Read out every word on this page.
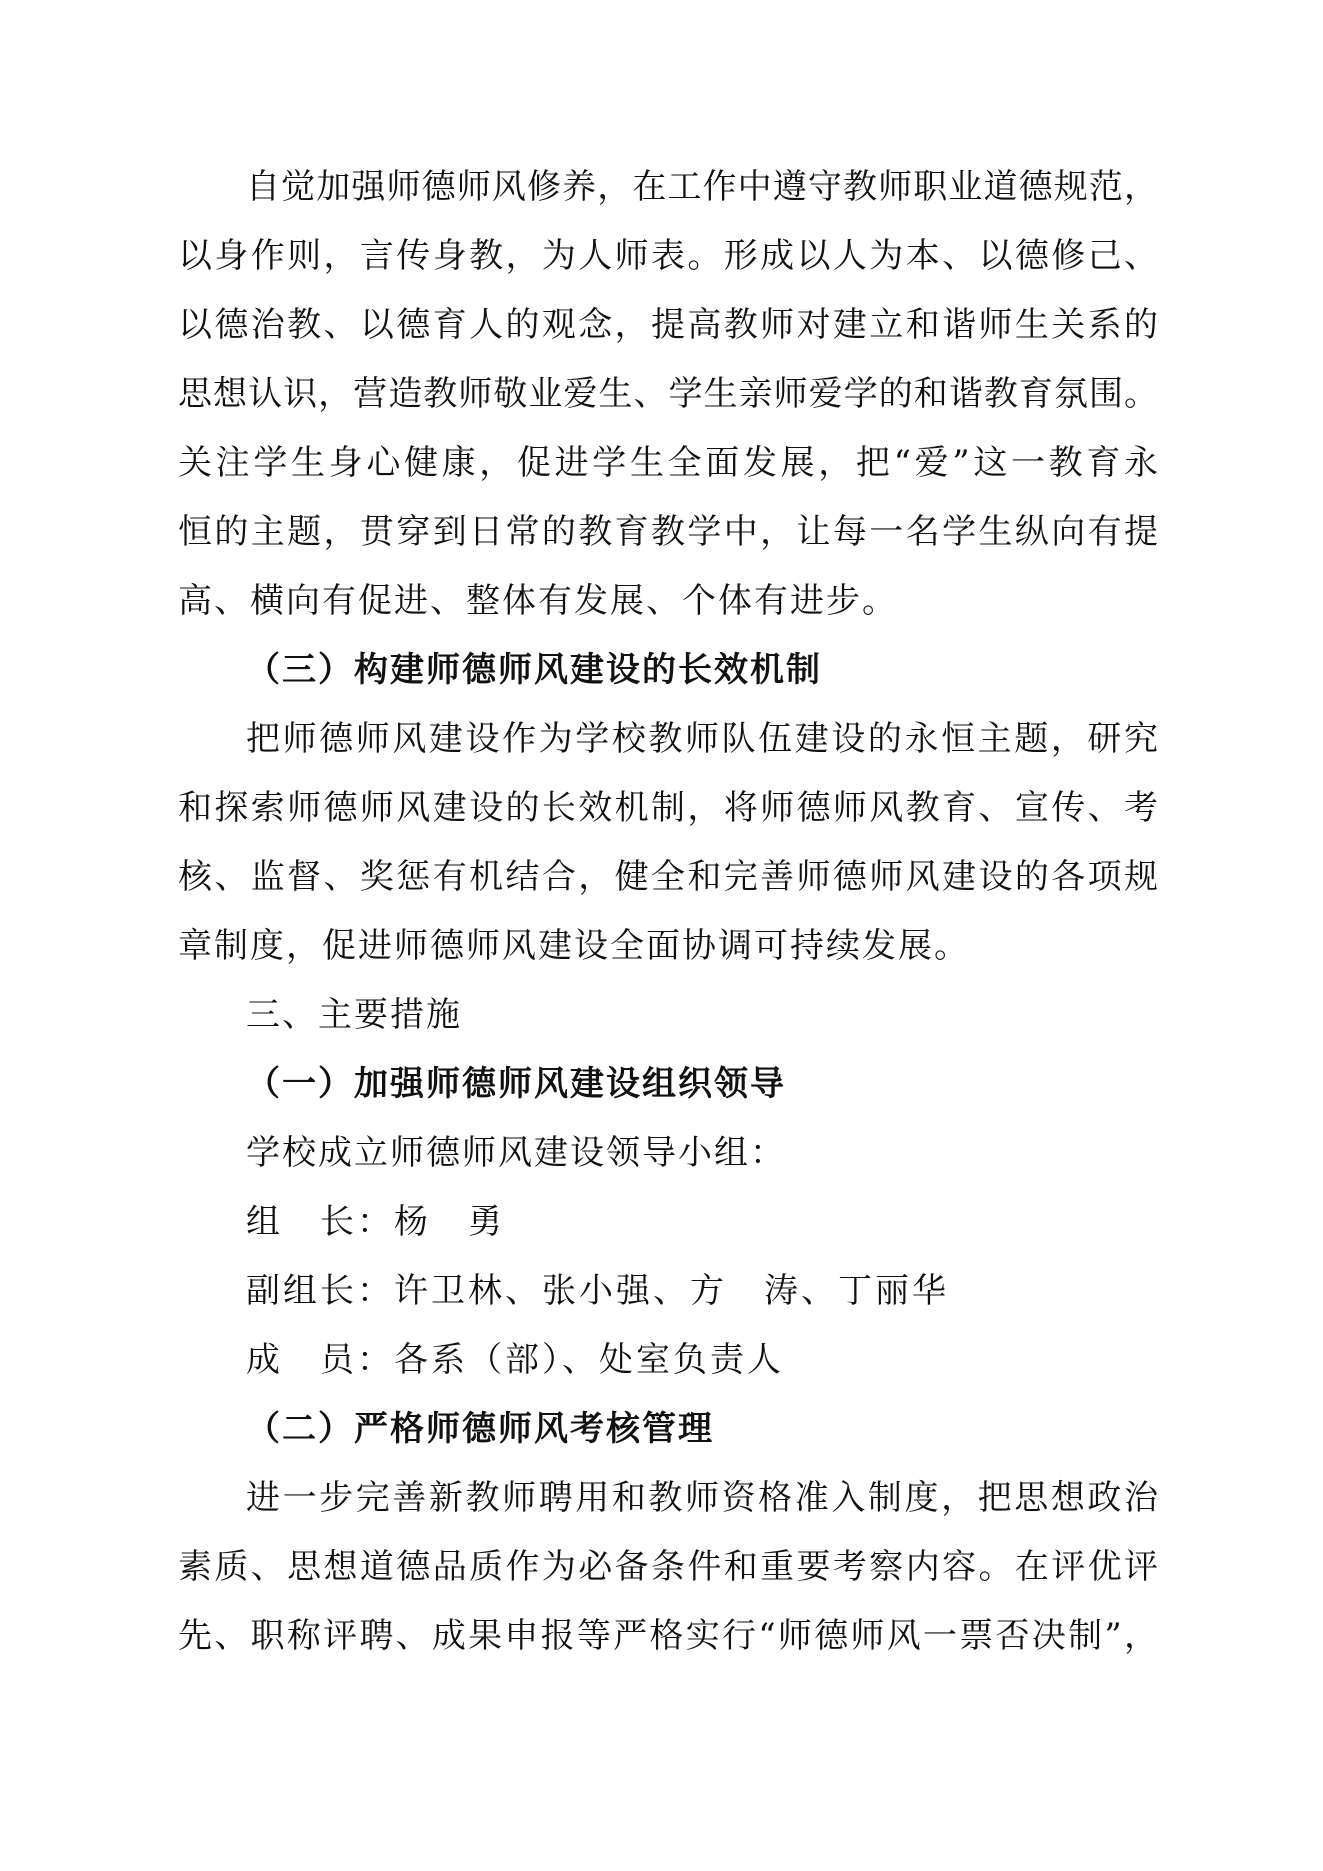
自觉加强师德师风修养，在工作中遵守教师职业道德规范，
以身作则，言传身教，为人师表。形成以人为本、以德修己、
以德治教、以德育人的观念，提高教师对建立和谐师生关系的
思想认识，营造教师敬业爱生、学生亲师爱学的和谐教育氛围。
关注学生身心健康，促进学生全面发展，把“爱”这一教育永
恒的主题，贯穿到日常的教育教学中，让每一名学生纵向有提
高、横向有促进、整体有发展、个体有进步。
（三）构建师德师风建设的长效机制
把师德师风建设作为学校教师队伍建设的永恒主题，研究
和探索师德师风建设的长效机制，将师德师风教育、宣传、考
核、监督、奖惩有机结合，健全和完善师德师风建设的各项规
章制度，促进师德师风建设全面协调可持续发展。
三、主要措施
（一）加强师德师风建设组织领导
学校成立师德师风建设领导小组：
组　长：杨　勇
副组长：许卫林、张小强、方　涛、丁丽华
成　员：各系（部）、处室负责人
（二）严格师德师风考核管理
进一步完善新教师聘用和教师资格准入制度，把思想政治
素质、思想道德品质作为必备条件和重要考察内容。在评优评
先、职称评聘、成果申报等严格实行“师德师风一票否决制”，
